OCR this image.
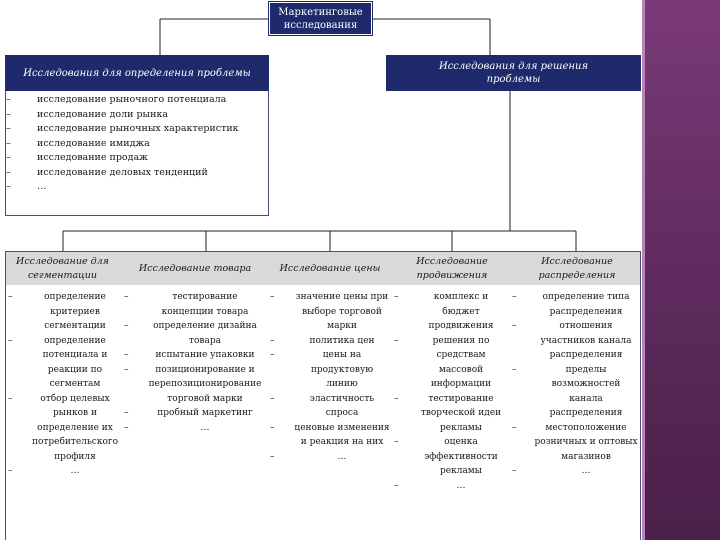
Маркетинговые исследования
Исследования для определения проблемы
– исследование рыночного потенциала
– исследование доли рынка
– исследование рыночных характеристик
– исследование имиджа
– исследование продаж
– исследование деловых тенденций
– …
Исследования для решения проблемы
Исследование для сегментации
– определение критериев сегментации
– определение потенциала и реакции по сегментам
– отбор целевых рынков и определение их потребительского профиля
– …
Исследование товара
– тестирование концепции товара
– определение дизайна товара
– испытание упаковки
– позиционирование и перепозиционирование торговой марки
– пробный маркетинг
– …
Исследование цены
– значение цены при выборе торговой марки
– политика цен
– цены на продуктовую линию
– эластичность спроса
– ценовые изменения и реакция на них
– …
Исследование продвижения
– комплекс и бюджет продвижения
– решения по средствам массовой информации
– тестирование творческой идеи рекламы
– оценка эффективности рекламы
– …
Исследование распределения
– определение типа распределения
– отношения участников канала распределения
– пределы возможностей канала распределения
– местоположение розничных и оптовых магазинов
– …
